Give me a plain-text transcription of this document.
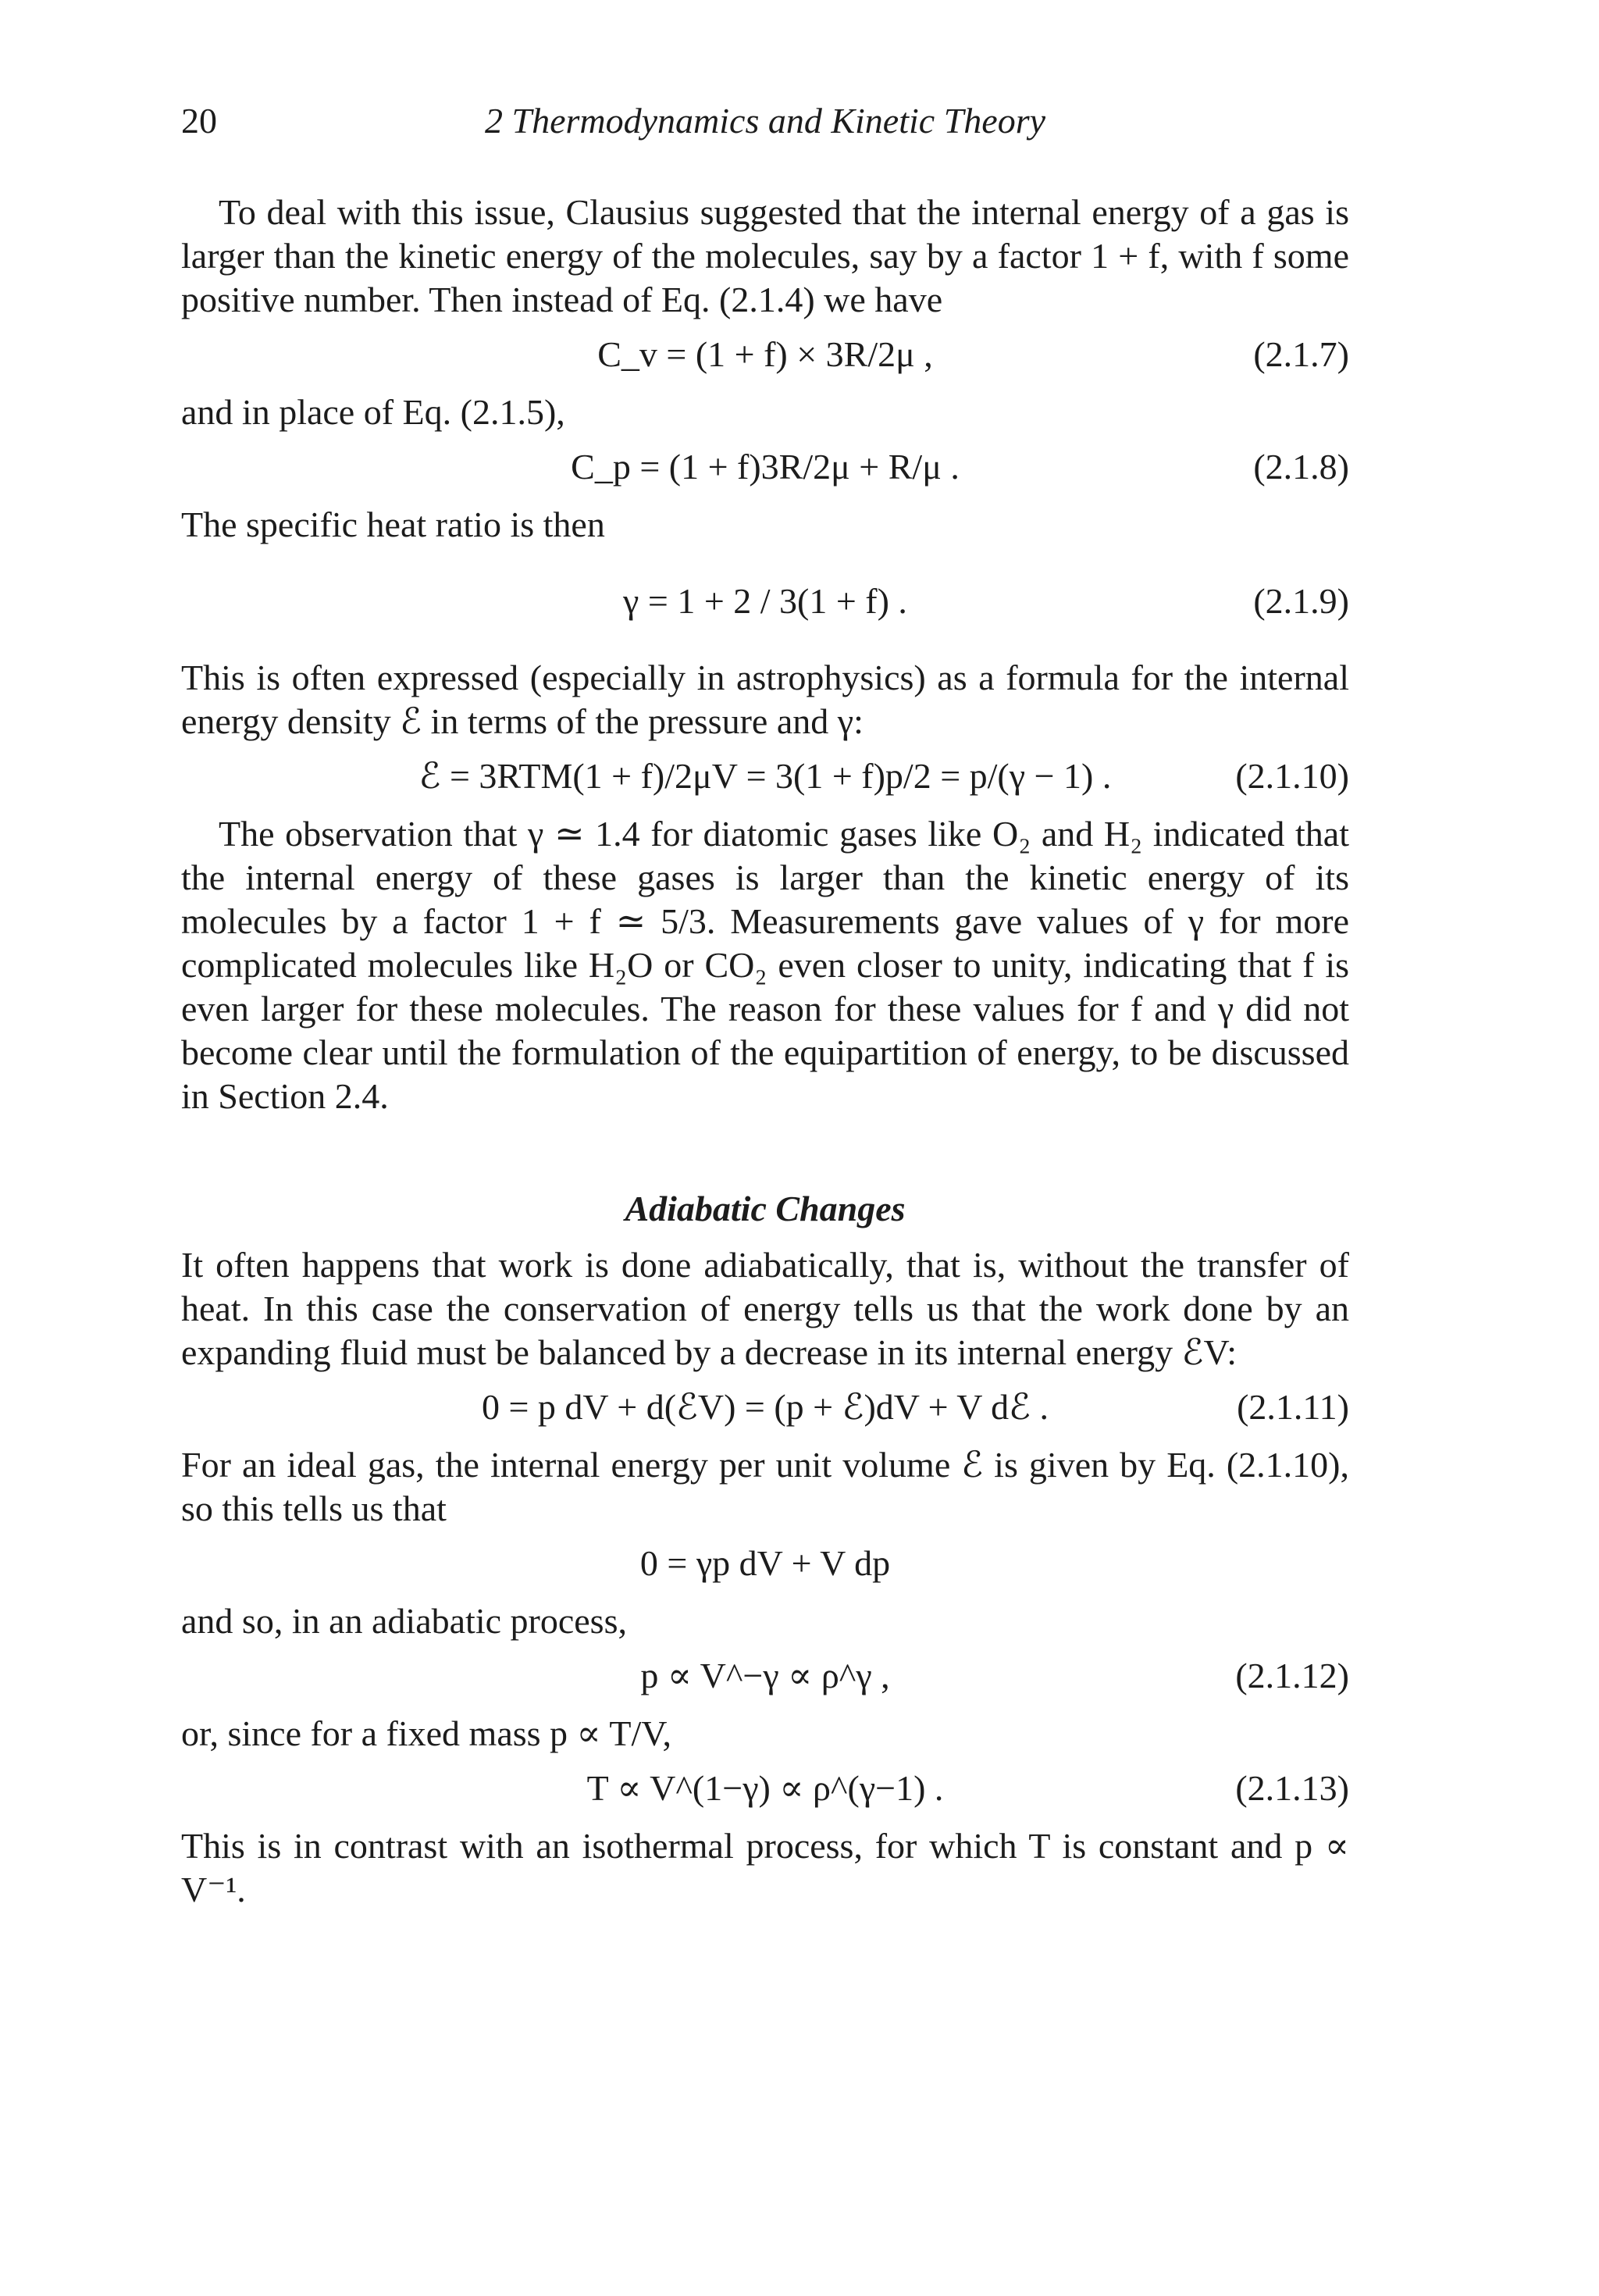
20	2 Thermodynamics and Kinetic Theory

To deal with this issue, Clausius suggested that the internal energy of a gas is larger than the kinetic energy of the molecules, say by a factor 1 + f, with f some positive number. Then instead of Eq. (2.1.4) we have

C_v = (1 + f) × 3R/2μ ,	(2.1.7)

and in place of Eq. (2.1.5),

C_p = (1 + f)3R/2μ + R/μ .	(2.1.8)

The specific heat ratio is then

γ = 1 + 2 / 3(1 + f) .	(2.1.9)

This is often expressed (especially in astrophysics) as a formula for the internal energy density ℰ in terms of the pressure and γ:

ℰ = 3RTM(1 + f)/2μV = 3(1 + f)p/2 = p/(γ − 1) .	(2.1.10)

The observation that γ ≃ 1.4 for diatomic gases like O₂ and H₂ indicated that the internal energy of these gases is larger than the kinetic energy of its molecules by a factor 1 + f ≃ 5/3. Measurements gave values of γ for more complicated molecules like H₂O or CO₂ even closer to unity, indicating that f is even larger for these molecules. The reason for these values for f and γ did not become clear until the formulation of the equipartition of energy, to be discussed in Section 2.4.

Adiabatic Changes

It often happens that work is done adiabatically, that is, without the transfer of heat. In this case the conservation of energy tells us that the work done by an expanding fluid must be balanced by a decrease in its internal energy ℰV:

0 = p dV + d(ℰV) = (p + ℰ)dV + V dℰ .	(2.1.11)

For an ideal gas, the internal energy per unit volume ℰ is given by Eq. (2.1.10), so this tells us that

0 = γp dV + V dp

and so, in an adiabatic process,

p ∝ V^−γ ∝ ρ^γ ,	(2.1.12)

or, since for a fixed mass p ∝ T/V,

T ∝ V^(1−γ) ∝ ρ^(γ−1) .	(2.1.13)

This is in contrast with an isothermal process, for which T is constant and p ∝ V⁻¹.
